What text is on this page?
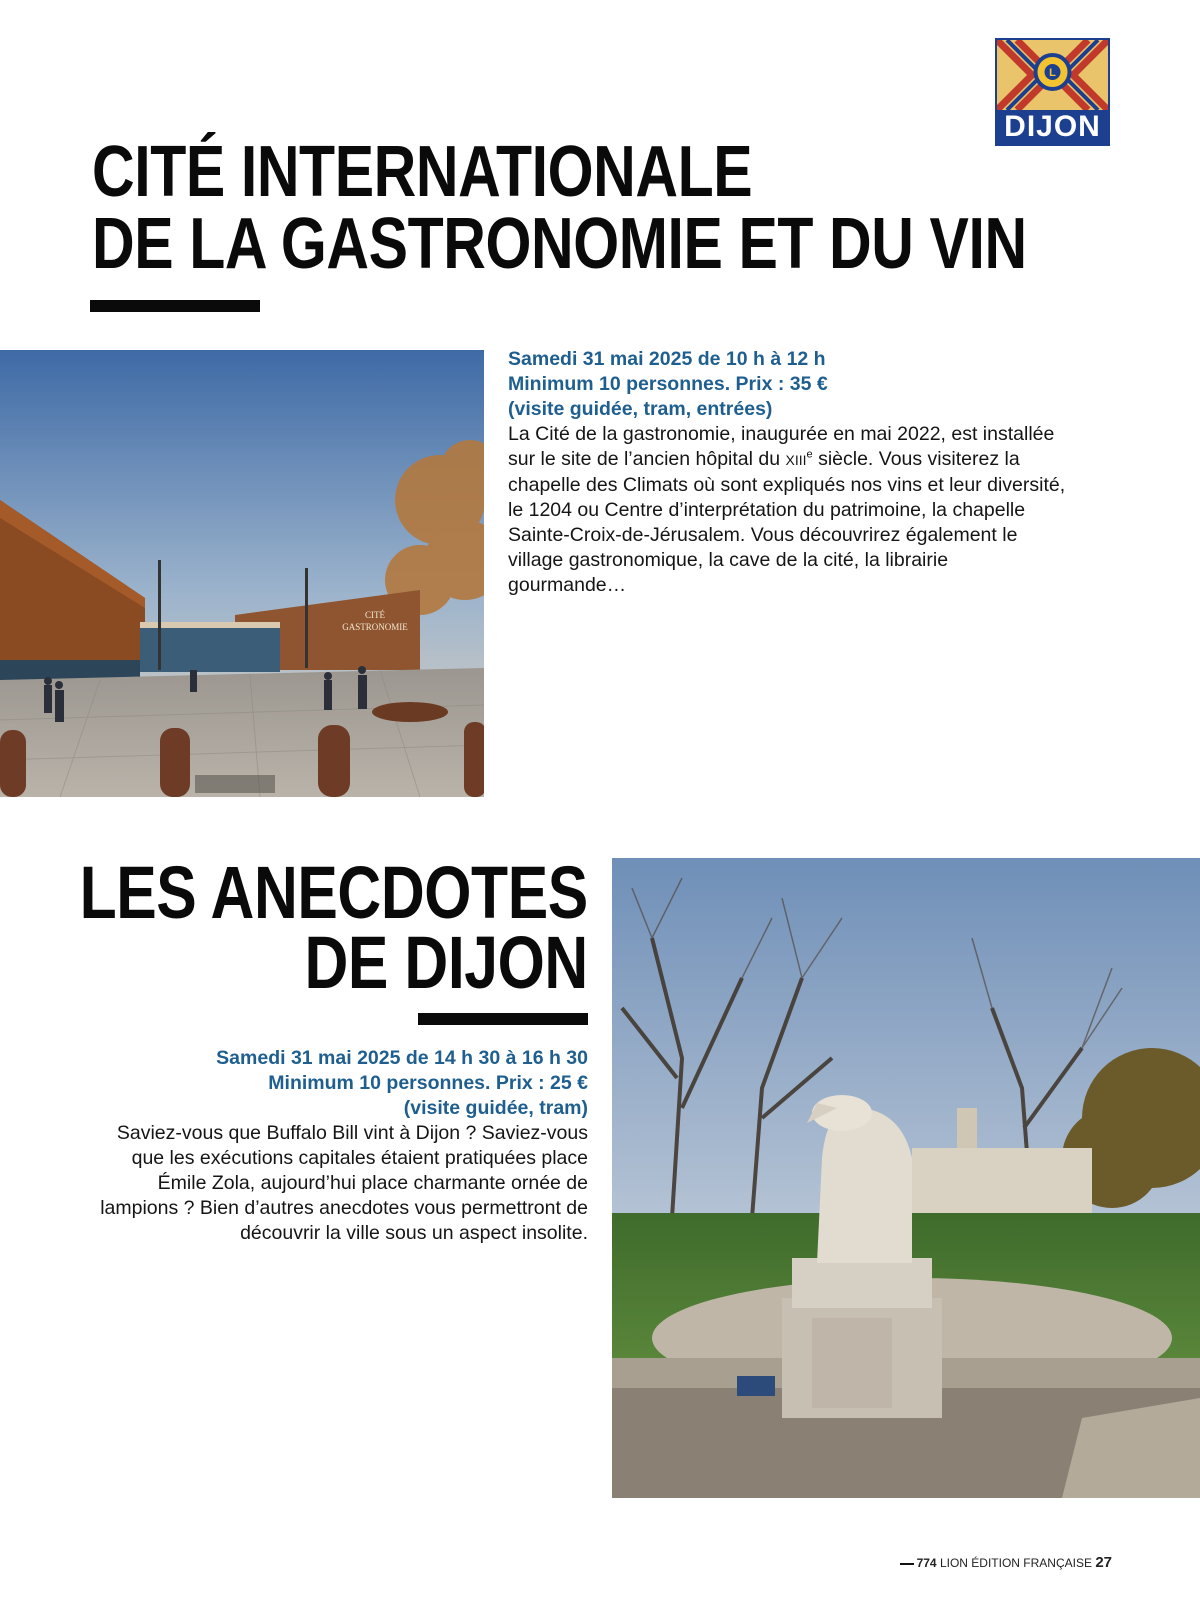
L
DIJON
CITÉ INTERNATIONALE
DE LA GASTRONOMIE ET DU VIN
CITÉ
GASTRONOMIE
Samedi 31 mai 2025 de 10 h à 12 h
Minimum 10 personnes. Prix : 35 €
(visite guidée, tram, entrées)
La Cité de la gastronomie, inaugurée en mai 2022, est installée sur le site de l’ancien hôpital du XIIIe siècle. Vous visiterez la chapelle des Climats où sont expliqués nos vins et leur diversité, le 1204 ou Centre d’interprétation du patrimoine, la chapelle Sainte-Croix-de-Jérusalem. Vous découvrirez également le village gastronomique, la cave de la cité, la librairie gourmande…
LES ANECDOTES
DE DIJON
Samedi 31 mai 2025 de 14 h 30 à 16 h 30
Minimum 10 personnes. Prix : 25 €
(visite guidée, tram)
Saviez-vous que Buffalo Bill vint à Dijon ? Saviez-vous que les exécutions capitales étaient pratiquées place Émile Zola, aujourd’hui place charmante ornée de lampions ? Bien d’autres anecdotes vous permettront de découvrir la ville sous un aspect insolite.
774 LION ÉDITION FRANÇAISE 27
